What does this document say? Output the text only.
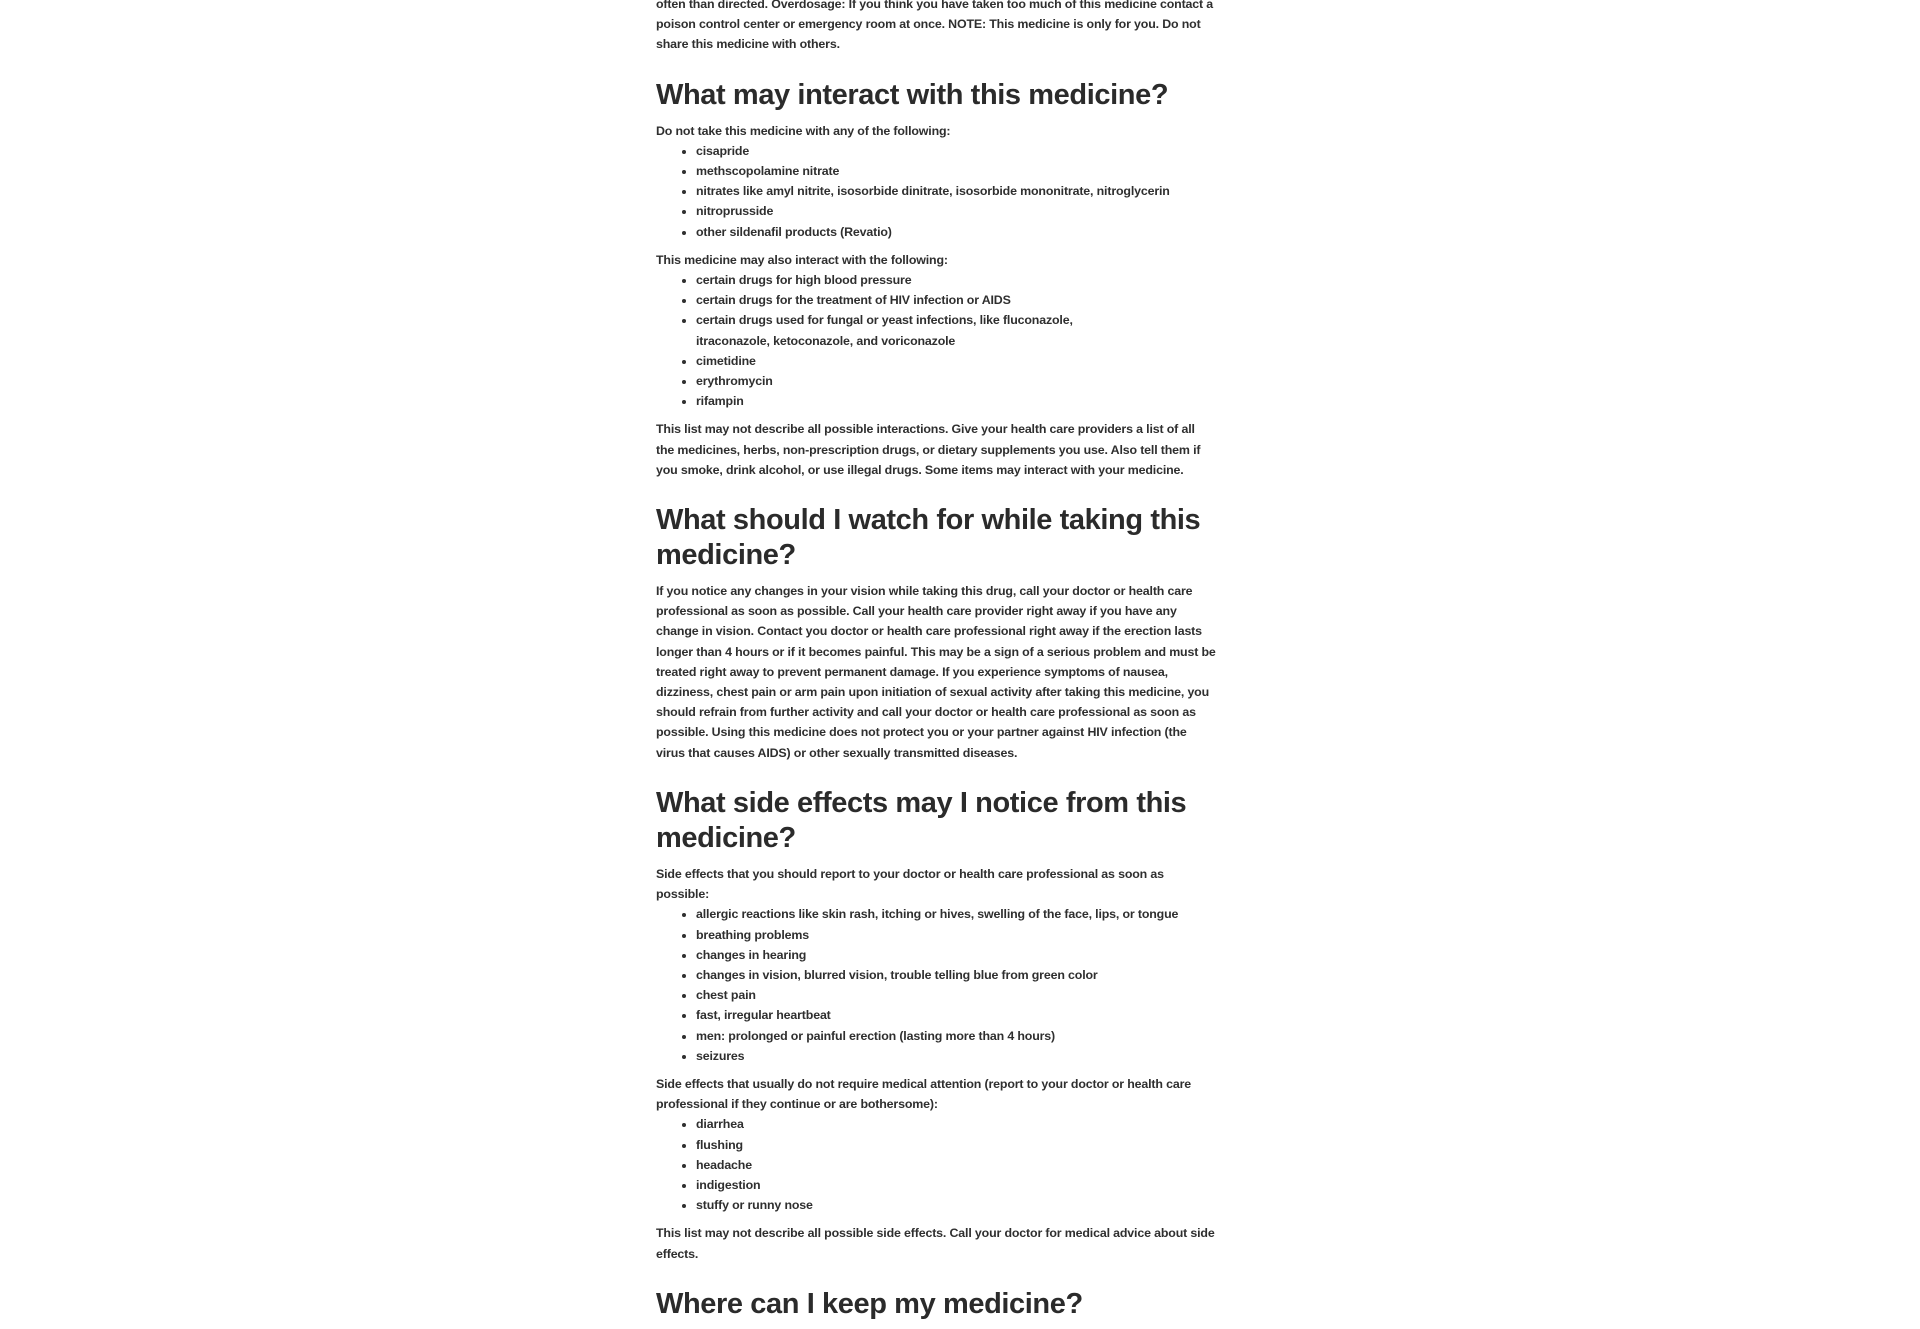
often than directed. Overdosage: If you think you have taken too much of this medicine contact a poison control center or emergency room at once. NOTE: This medicine is only for you. Do not share this medicine with others.

What may interact with this medicine?

Do not take this medicine with any of the following:

• cisapride
• methscopolamine nitrate
• nitrates like amyl nitrite, isosorbide dinitrate, isosorbide mononitrate, nitroglycerin
• nitroprusside
• other sildenafil products (Revatio)

This medicine may also interact with the following:

• certain drugs for high blood pressure
• certain drugs for the treatment of HIV infection or AIDS
• certain drugs used for fungal or yeast infections, like fluconazole, itraconazole, ketoconazole, and voriconazole
• cimetidine
• erythromycin
• rifampin

This list may not describe all possible interactions. Give your health care providers a list of all the medicines, herbs, non-prescription drugs, or dietary supplements you use. Also tell them if you smoke, drink alcohol, or use illegal drugs. Some items may interact with your medicine.

What should I watch for while taking this medicine?

If you notice any changes in your vision while taking this drug, call your doctor or health care professional as soon as possible. Call your health care provider right away if you have any change in vision. Contact you doctor or health care professional right away if the erection lasts longer than 4 hours or if it becomes painful. This may be a sign of a serious problem and must be treated right away to prevent permanent damage. If you experience symptoms of nausea, dizziness, chest pain or arm pain upon initiation of sexual activity after taking this medicine, you should refrain from further activity and call your doctor or health care professional as soon as possible. Using this medicine does not protect you or your partner against HIV infection (the virus that causes AIDS) or other sexually transmitted diseases.

What side effects may I notice from this medicine?

Side effects that you should report to your doctor or health care professional as soon as possible:

• allergic reactions like skin rash, itching or hives, swelling of the face, lips, or tongue
• breathing problems
• changes in hearing
• changes in vision, blurred vision, trouble telling blue from green color
• chest pain
• fast, irregular heartbeat
• men: prolonged or painful erection (lasting more than 4 hours)
• seizures

Side effects that usually do not require medical attention (report to your doctor or health care professional if they continue or are bothersome):

• diarrhea
• flushing
• headache
• indigestion
• stuffy or runny nose

This list may not describe all possible side effects. Call your doctor for medical advice about side effects.

Where can I keep my medicine?
